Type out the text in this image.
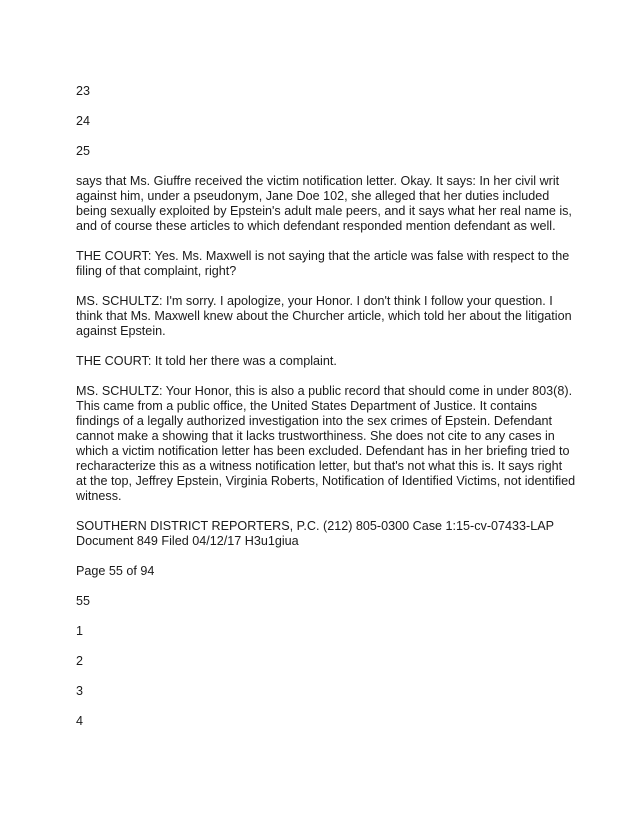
23
24
25

says that Ms. Giuffre received the victim notification letter. Okay. It says: In her civil writ against him, under a pseudonym, Jane Doe 102, she alleged that her duties included being sexually exploited by Epstein's adult male peers, and it says what her real name is, and of course these articles to which defendant responded mention defendant as well.

THE COURT: Yes. Ms. Maxwell is not saying that the article was false with respect to the filing of that complaint, right?

MS. SCHULTZ: I'm sorry. I apologize, your Honor. I don't think I follow your question. I think that Ms. Maxwell knew about the Churcher article, which told her about the litigation against Epstein.

THE COURT: It told her there was a complaint.

MS. SCHULTZ: Your Honor, this is also a public record that should come in under 803(8). This came from a public office, the United States Department of Justice. It contains findings of a legally authorized investigation into the sex crimes of Epstein. Defendant cannot make a showing that it lacks trustworthiness. She does not cite to any cases in which a victim notification letter has been excluded. Defendant has in her briefing tried to recharacterize this as a witness notification letter, but that's not what this is. It says right at the top, Jeffrey Epstein, Virginia Roberts, Notification of Identified Victims, not identified witness.

SOUTHERN DISTRICT REPORTERS, P.C. (212) 805-0300 Case 1:15-cv-07433-LAP Document 849 Filed 04/12/17 H3u1giua

Page 55 of 94
55
1
2
3
4
